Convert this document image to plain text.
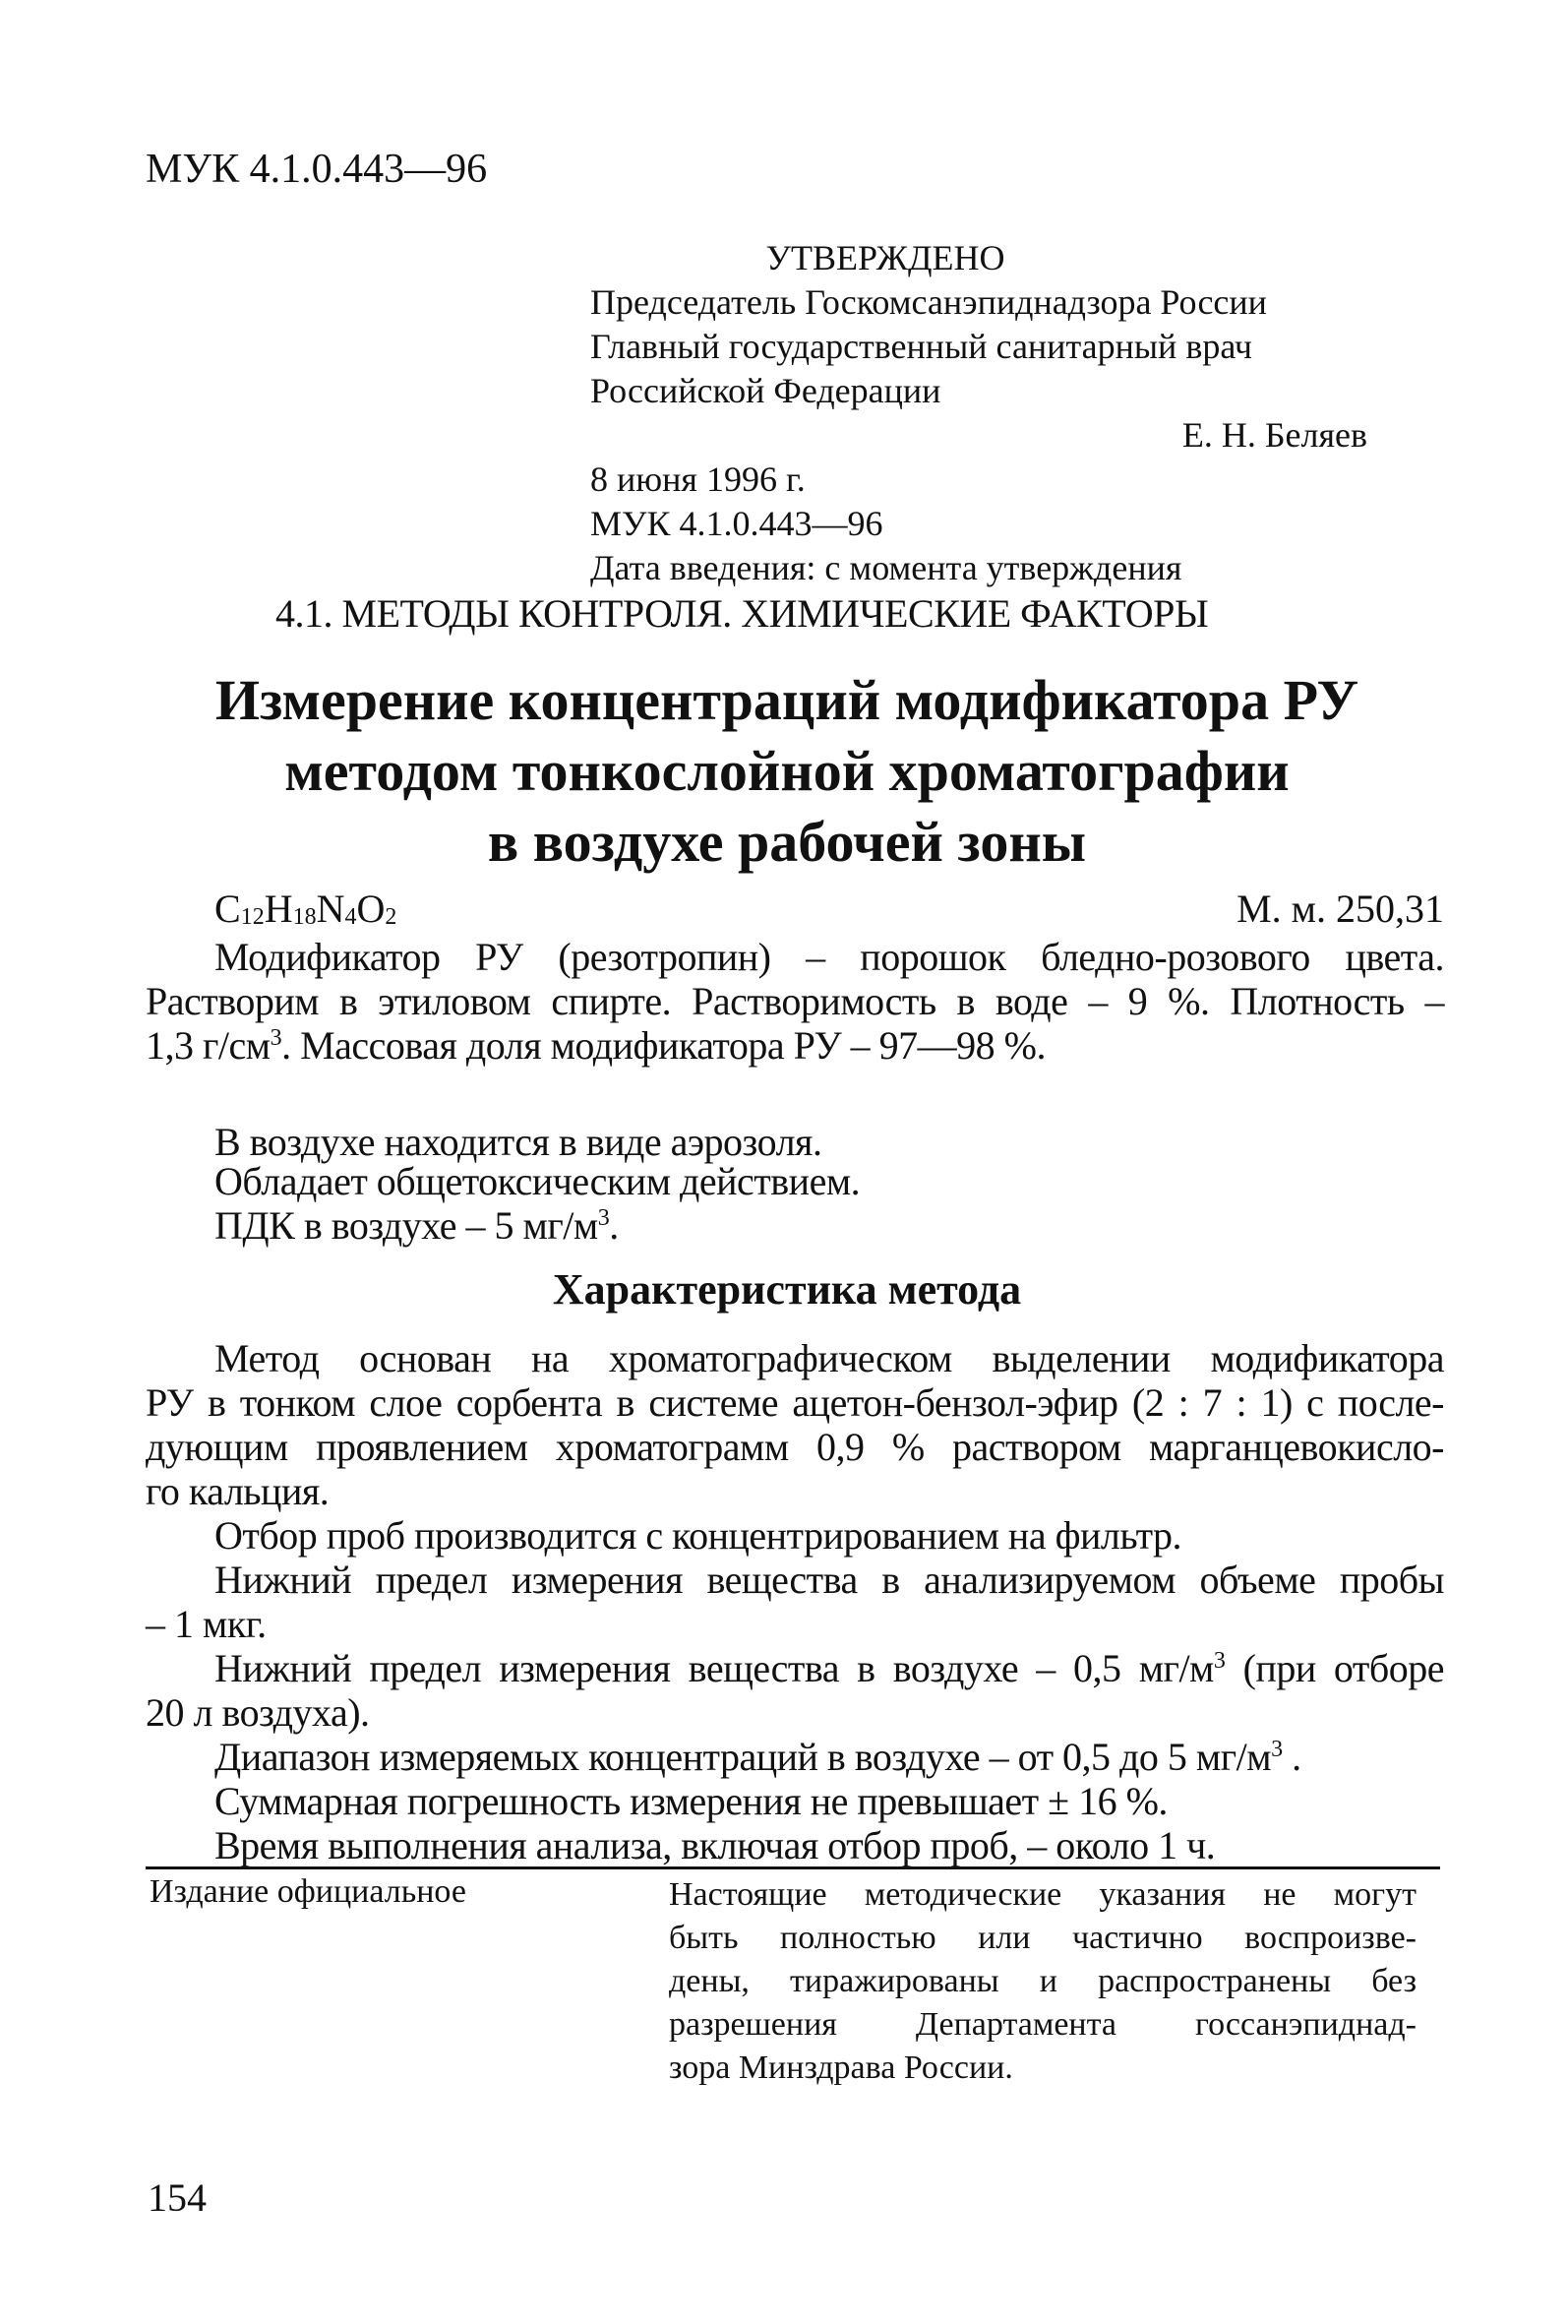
МУК 4.1.0.443—96
УТВЕРЖДЕНО
Председатель Госкомсанэпиднадзора России
Главный государственный санитарный врач
Российской Федерации
Е. Н. Беляев
8 июня 1996 г.
МУК 4.1.0.443—96
Дата введения: с момента утверждения
4.1. МЕТОДЫ КОНТРОЛЯ. ХИМИЧЕСКИЕ ФАКТОРЫ
Измерение концентраций модификатора РУ
методом тонкослойной хроматографии
в воздухе рабочей зоны
$C_{12}H_{18}N_4O_2$	М. м. 250,31

Модификатор РУ (резотропин) – порошок бледно-розового цвета.

Растворим в этиловом спирте. Растворимость в воде – 9 %. Плотность –

1,3 $г/см^3$. Массовая доля модификатора РУ – 97—98 %.

В воздухе находится в виде аэрозоля.

Обладает общетоксическим действием.

ПДК в воздухе – 5 $мг/м^3$.

Характеристика метода

Метод основан на хроматографическом выделении модификатора

РУ в тонком слое сорбента в системе ацетон-бензол-эфир (2 : 7 : 1) с после-

дующим проявлением хроматограмм 0,9 % раствором марганцевокисло-

го кальция.

Отбор проб производится с концентрированием на фильтр.

Нижний предел измерения вещества в анализируемом объеме пробы

– 1 мкг.

Нижний предел измерения вещества в воздухе – 0,5 $мг/м^3$ (при отборе

20 л воздуха).

Диапазон измеряемых концентраций в воздухе – от 0,5 до 5 $мг/м^3$ .

Суммарная погрешность измерения не превышает ± 16 %.

Время выполнения анализа, включая отбор проб, – около 1 ч.

Издание официальное	Настоящие методические указания не могут

быть полностью или частично воспроизве-

дены, тиражированы и распространены без

разрешения Департамента госсанэпиднад-

зора Минздрава России.

154
